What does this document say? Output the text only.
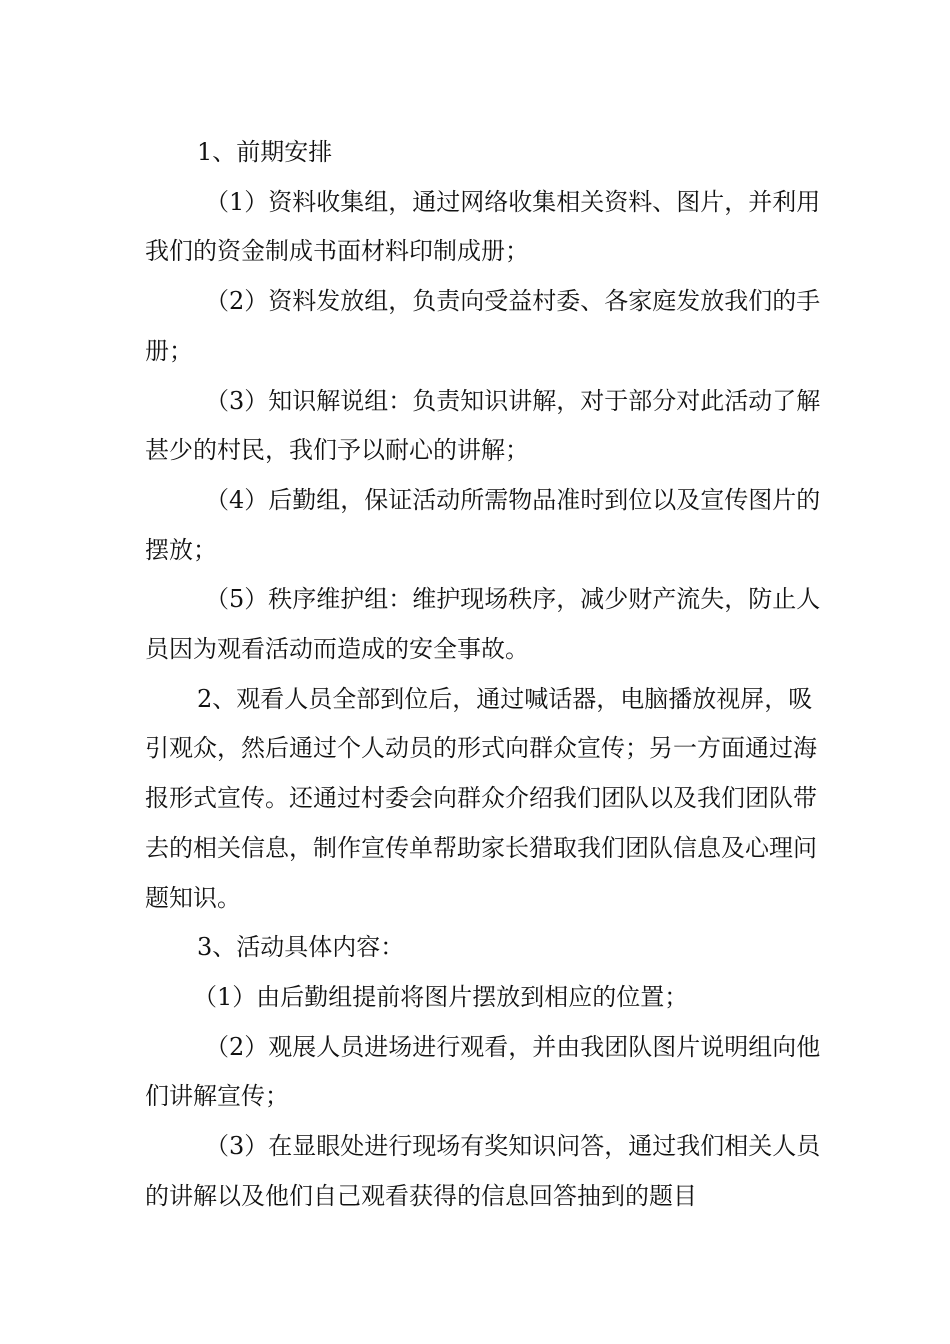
1、前期安排

（1）资料收集组，通过网络收集相关资料、图片，并利用我们的资金制成书面材料印制成册；

（2）资料发放组，负责向受益村委、各家庭发放我们的手册；

（3）知识解说组：负责知识讲解，对于部分对此活动了解甚少的村民，我们予以耐心的讲解；

（4）后勤组，保证活动所需物品准时到位以及宣传图片的摆放；

（5）秩序维护组：维护现场秩序，减少财产流失，防止人员因为观看活动而造成的安全事故。

2、观看人员全部到位后，通过喊话器，电脑播放视屏，吸引观众，然后通过个人动员的形式向群众宣传；另一方面通过海报形式宣传。还通过村委会向群众介绍我们团队以及我们团队带去的相关信息，制作宣传单帮助家长猎取我们团队信息及心理问题知识。

3、活动具体内容：

（1）由后勤组提前将图片摆放到相应的位置；

（2）观展人员进场进行观看，并由我团队图片说明组向他们讲解宣传；

（3）在显眼处进行现场有奖知识问答，通过我们相关人员的讲解以及他们自己观看获得的信息回答抽到的题目
